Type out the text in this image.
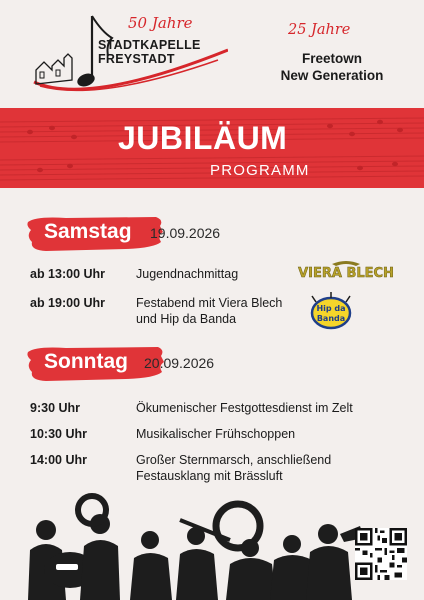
50 Jahre
STADTKAPELLE
FREYSTADT
25 Jahre
Freetown
New Generation
JUBILÄUM
PROGRAMM
Samstag 19.09.2026
ab 13:00 Uhr	Jugendnachmittag
ab 19:00 Uhr	Festabend mit Viera Blech
und Hip da Banda
VIERA BLECH
Hip da
Banda
Sonntag 20.09.2026
9:30 Uhr	Ökumenischer Festgottesdienst im Zelt
10:30 Uhr	Musikalischer Frühschoppen
14:00 Uhr	Großer Sternmarsch, anschließend
Festausklang mit Brässluft
